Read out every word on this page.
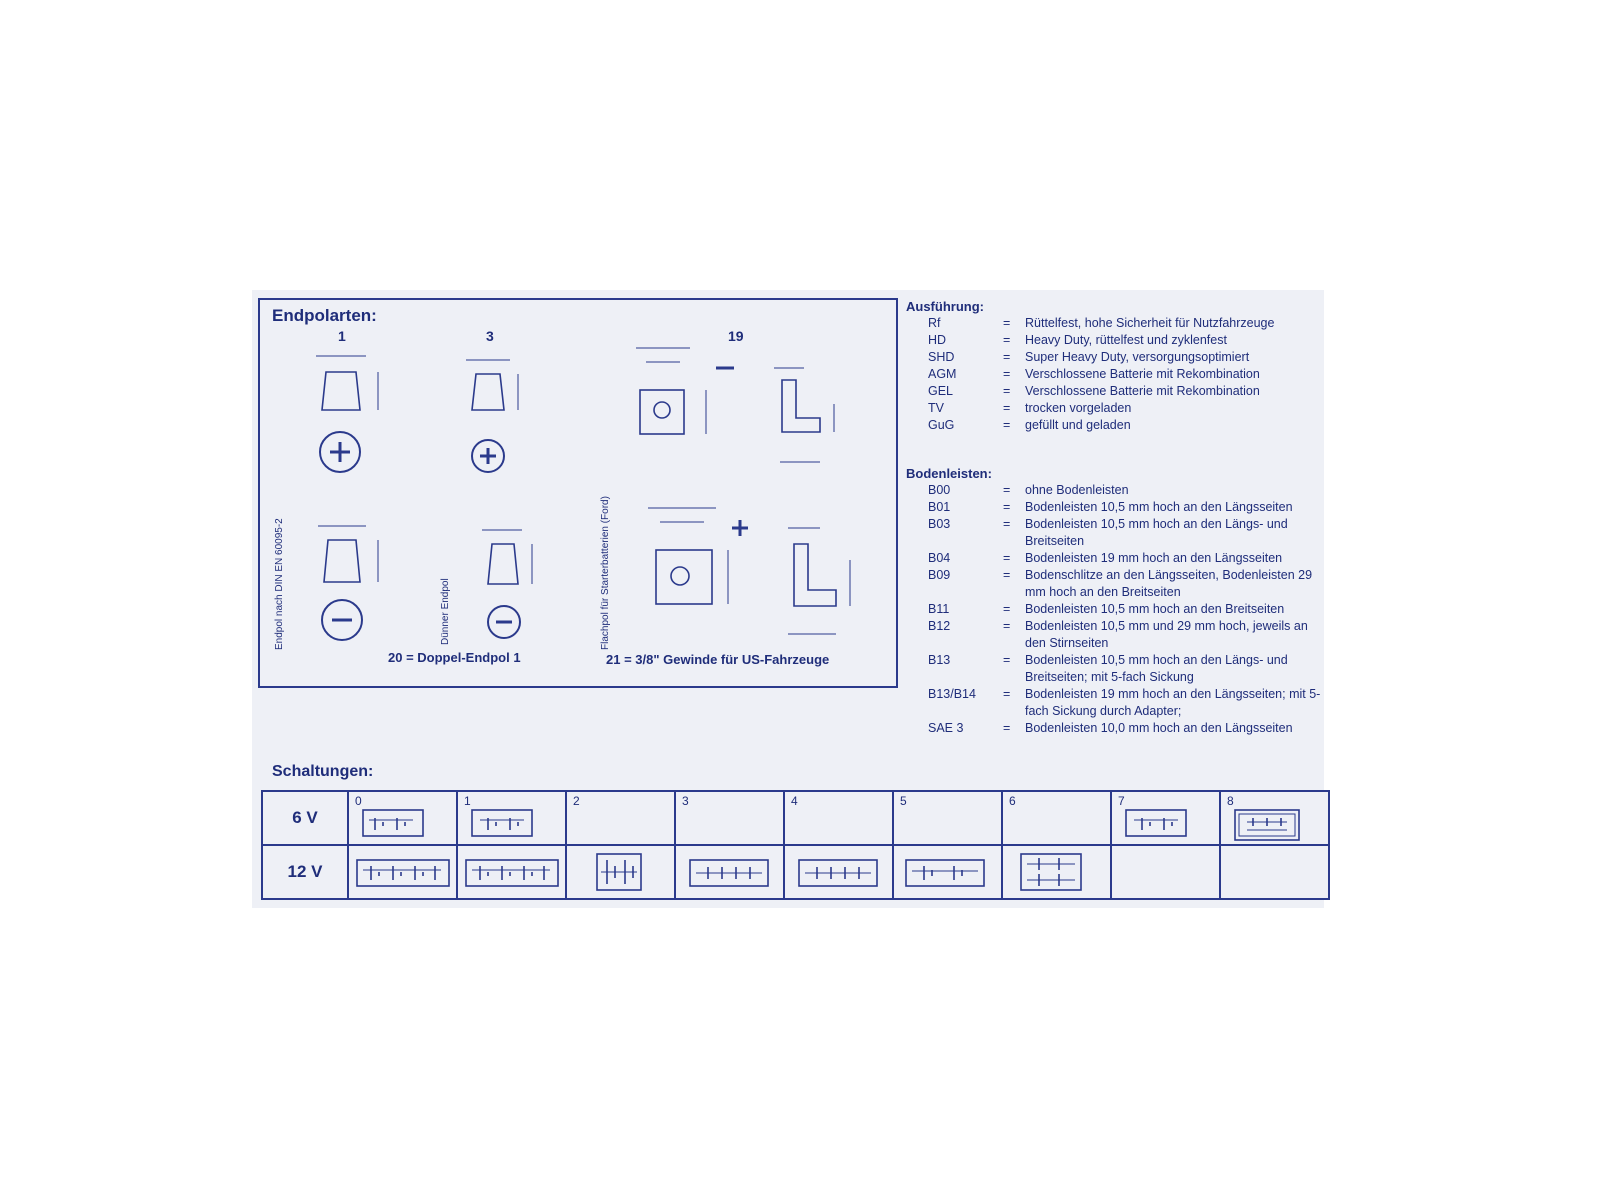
Endpolarten:
1	3	19
Endpol nach DIN EN 60095-2	Dünner Endpol	Flachpol für Starterbatterien (Ford)
20 = Doppel-Endpol 1	21 = 3/8" Gewinde für US-Fahrzeuge
Ausführung:
Rf	=	Rüttelfest, hohe Sicherheit für Nutzfahrzeuge
HD	=	Heavy Duty, rüttelfest und zyklenfest
SHD	=	Super Heavy Duty, versorgungsoptimiert
AGM	=	Verschlossene Batterie mit Rekombination
GEL	=	Verschlossene Batterie mit Rekombination
TV	=	trocken vorgeladen
GuG	=	gefüllt und geladen
Bodenleisten:
B00	=	ohne Bodenleisten
B01	=	Bodenleisten 10,5 mm hoch an den Längsseiten
B03	=	Bodenleisten 10,5 mm hoch an den Längs- und Breitseiten
B04	=	Bodenleisten 19 mm hoch an den Längsseiten
B09	=	Bodenschlitze an den Längsseiten, Bodenleisten 29 mm hoch an den Breitseiten
B11	=	Bodenleisten 10,5 mm hoch an den Breitseiten
B12	=	Bodenleisten 10,5 mm und 29 mm hoch, jeweils an den Stirnseiten
B13	=	Bodenleisten 10,5 mm hoch an den Längs- und Breitseiten; mit 5-fach Sickung
B13/B14	=	Bodenleisten 19 mm hoch an den Längsseiten; mit 5-fach Sickung durch Adapter;
SAE 3	=	Bodenleisten 10,0 mm hoch an den Längsseiten
Schaltungen:
6 V	0	1	2	3	4	5	6	7	8

12 V	
